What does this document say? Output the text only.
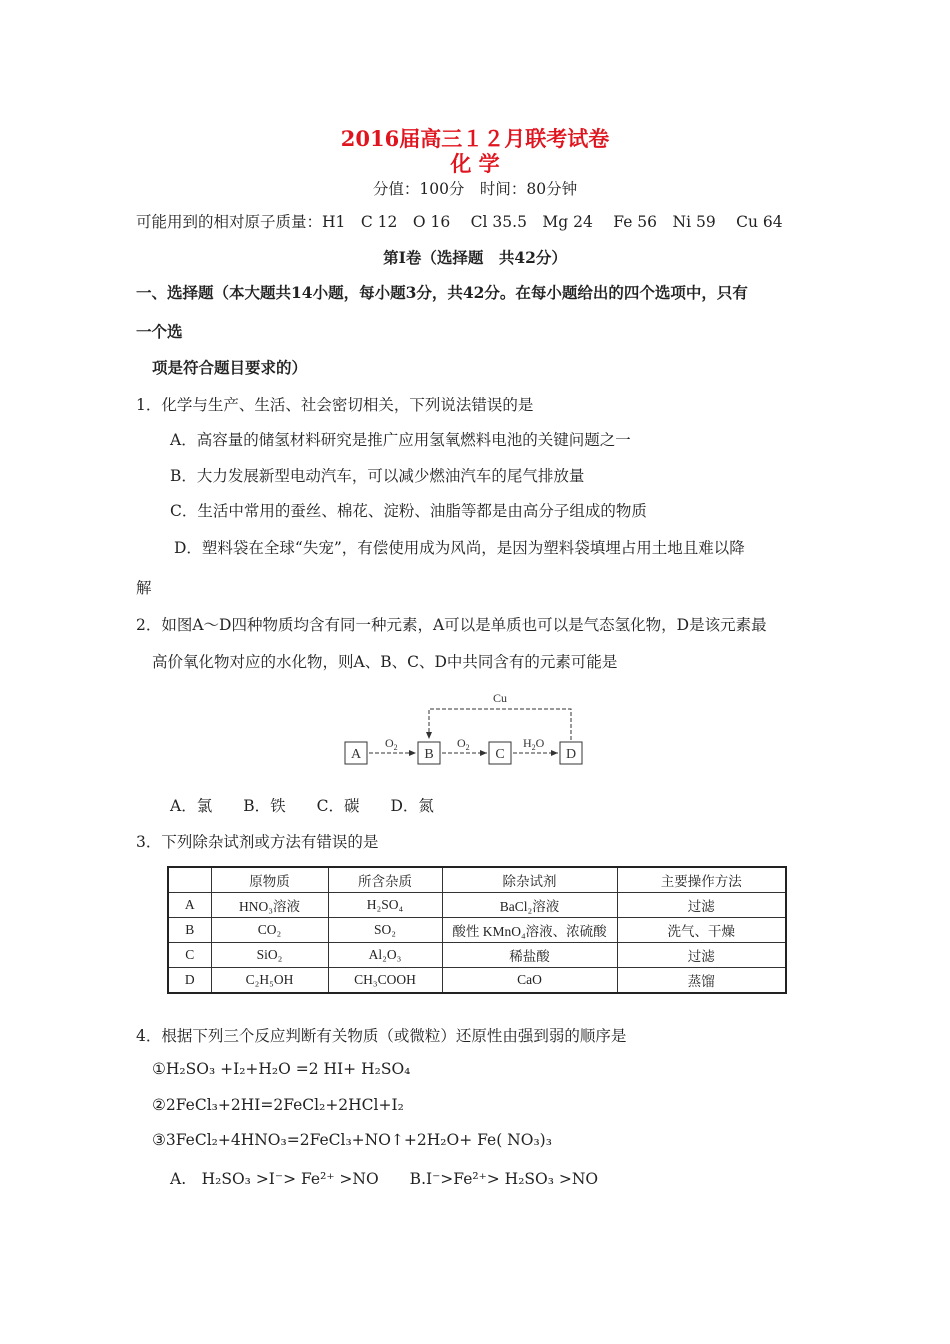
2016届高三１２月联考试卷
化 学
分值：100分　时间：80分钟
可能用到的相对原子质量：H1　C 12　O 16　 Cl 35.5　Mg 24　 Fe 56　Ni 59　 Cu 64
第Ⅰ卷（选择题　共42分）
一、选择题（本大题共14小题，每小题3分，共42分。在每小题给出的四个选项中，只有
一个选
项是符合题目要求的）
1．化学与生产、生活、社会密切相关，下列说法错误的是
A．高容量的储氢材料研究是推广应用氢氧燃料电池的关键问题之一
B．大力发展新型电动汽车，可以减少燃油汽车的尾气排放量
C．生活中常用的蚕丝、棉花、淀粉、油脂等都是由高分子组成的物质
D．塑料袋在全球“失宠”，有偿使用成为风尚，是因为塑料袋填埋占用土地且难以降
解
2．如图A～D四种物质均含有同一种元素，A可以是单质也可以是气态氢化物，D是该元素最
高价氧化物对应的水化物，则A、B、C、D中共同含有的元素可能是
A	B	C	D
$O_2$	$O_2$	$H_2O$
Cu
A．氯　　B．铁　　C．碳　　D．氮
3．下列除杂试剂或方法有错误的是
	原物质	所含杂质	除杂试剂	主要操作方法
A	HNO₃溶液	H₂SO₄	BaCl₂溶液	过滤
B	CO₂	SO₂	酸性 KMnO₄溶液、浓硫酸	洗气、干燥
C	SiO₂	Al₂O₃	稀盐酸	过滤
D	C₂H₅OH	CH₃COOH	CaO	蒸馏
4．根据下列三个反应判断有关物质（或微粒）还原性由强到弱的顺序是
①H₂SO₃ +I₂+H₂O =2 HI+ H₂SO₄
②2FeCl₃+2HI=2FeCl₂+2HCl+I₂
③3FeCl₂+4HNO₃=2FeCl₃+NO↑+2H₂O+ Fe( NO₃)₃
A.　H₂SO₃ >I⁻> Fe²⁺ >NO　　B.I⁻>Fe²⁺> H₂SO₃ >NO
